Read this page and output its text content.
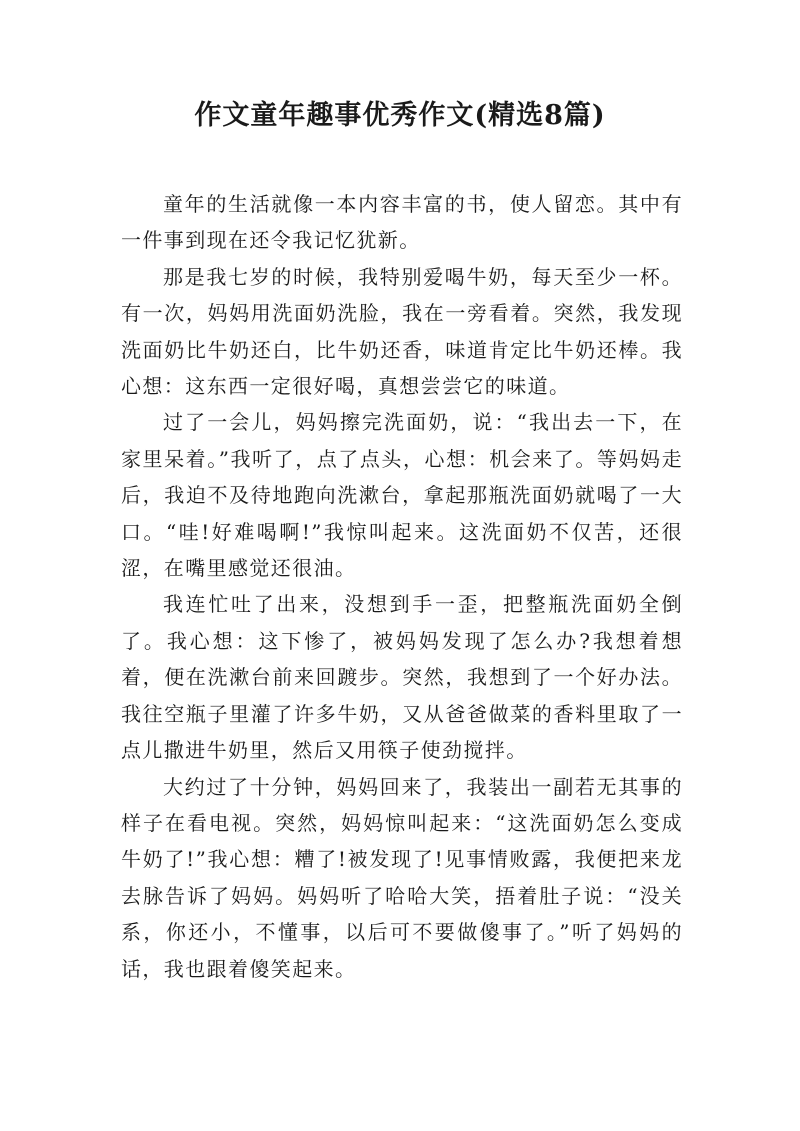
作文童年趣事优秀作文(精选8篇)

童年的生活就像一本内容丰富的书，使人留恋。其中有一件事到现在还令我记忆犹新。

那是我七岁的时候，我特别爱喝牛奶，每天至少一杯。有一次，妈妈用洗面奶洗脸，我在一旁看着。突然，我发现洗面奶比牛奶还白，比牛奶还香，味道肯定比牛奶还棒。我心想：这东西一定很好喝，真想尝尝它的味道。

过了一会儿，妈妈擦完洗面奶，说：“我出去一下，在家里呆着。”我听了，点了点头，心想：机会来了。等妈妈走后，我迫不及待地跑向洗漱台，拿起那瓶洗面奶就喝了一大口。“哇!好难喝啊!”我惊叫起来。这洗面奶不仅苦，还很涩，在嘴里感觉还很油。

我连忙吐了出来，没想到手一歪，把整瓶洗面奶全倒了。我心想：这下惨了，被妈妈发现了怎么办?我想着想着，便在洗漱台前来回踱步。突然，我想到了一个好办法。我往空瓶子里灌了许多牛奶，又从爸爸做菜的香料里取了一点儿撒进牛奶里，然后又用筷子使劲搅拌。

大约过了十分钟，妈妈回来了，我装出一副若无其事的样子在看电视。突然，妈妈惊叫起来：“这洗面奶怎么变成牛奶了!”我心想：糟了!被发现了!见事情败露，我便把来龙去脉告诉了妈妈。妈妈听了哈哈大笑，捂着肚子说：“没关系，你还小，不懂事，以后可不要做傻事了。”听了妈妈的话，我也跟着傻笑起来。
